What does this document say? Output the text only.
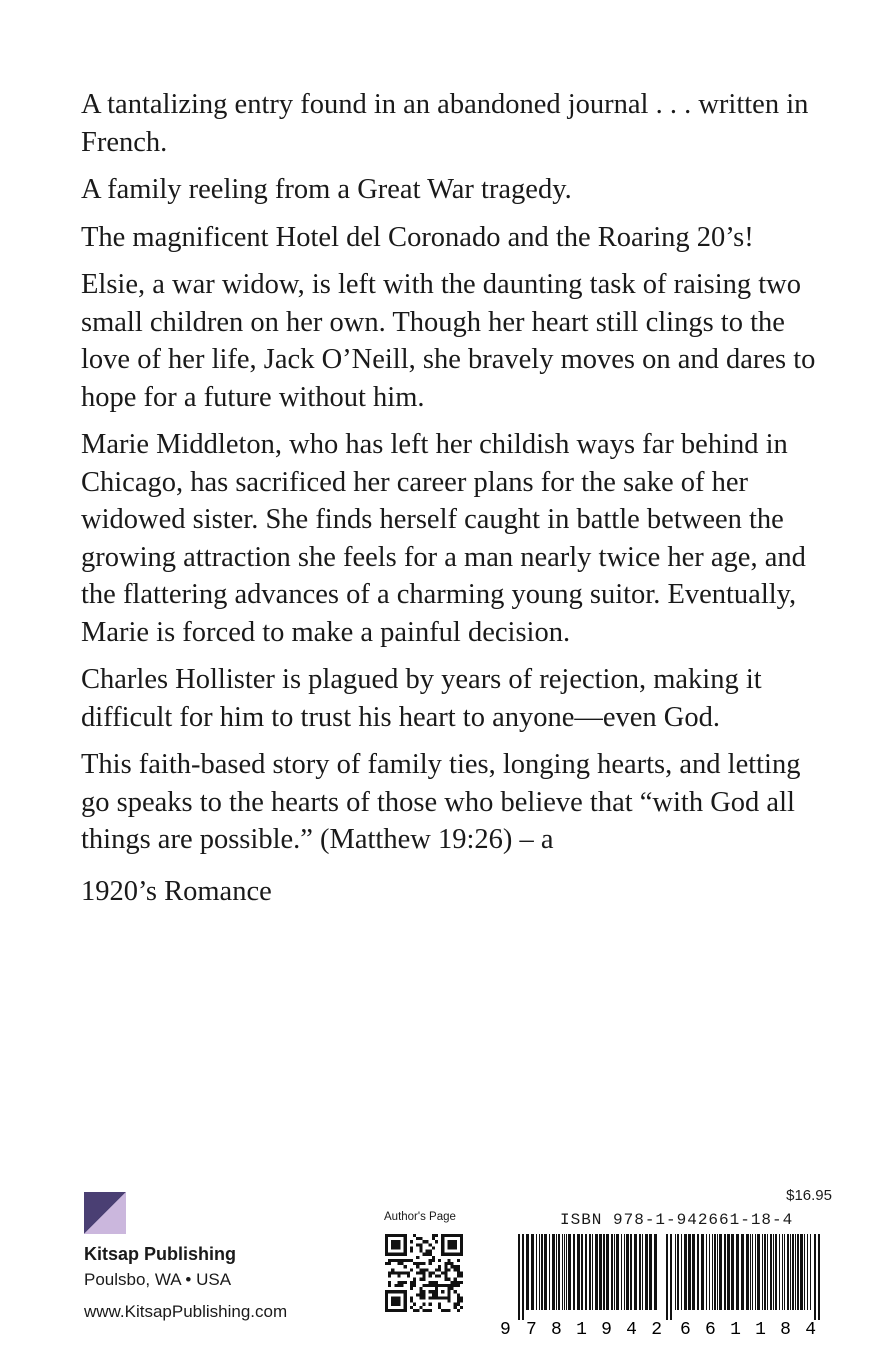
A tantalizing entry found in an abandoned journal . . . written in French.

A family reeling from a Great War tragedy.

The magnificent Hotel del Coronado and the Roaring 20’s!

Elsie, a war widow, is left with the daunting task of raising two small children on her own. Though her heart still clings to the love of her life, Jack O’Neill, she bravely moves on and dares to hope for a future without him.

Marie Middleton, who has left her childish ways far behind in Chicago, has sacrificed her career plans for the sake of her widowed sister. She finds herself caught in battle between the growing attraction she feels for a man nearly twice her age, and the flattering advances of a charming young suitor. Eventually, Marie is forced to make a painful decision.

Charles Hollister is plagued by years of rejection, making it difficult for him to trust his heart to anyone—even God.

This faith-based story of family ties, longing hearts, and letting go speaks to the hearts of those who believe that “with God all things are possible.” (Matthew 19:26) – a

1920’s Romance

Kitsap Publishing
Poulsbo, WA • USA
www.KitsapPublishing.com
Author's Page
$16.95
ISBN 978-1-942661-18-4
9 781942 661184
